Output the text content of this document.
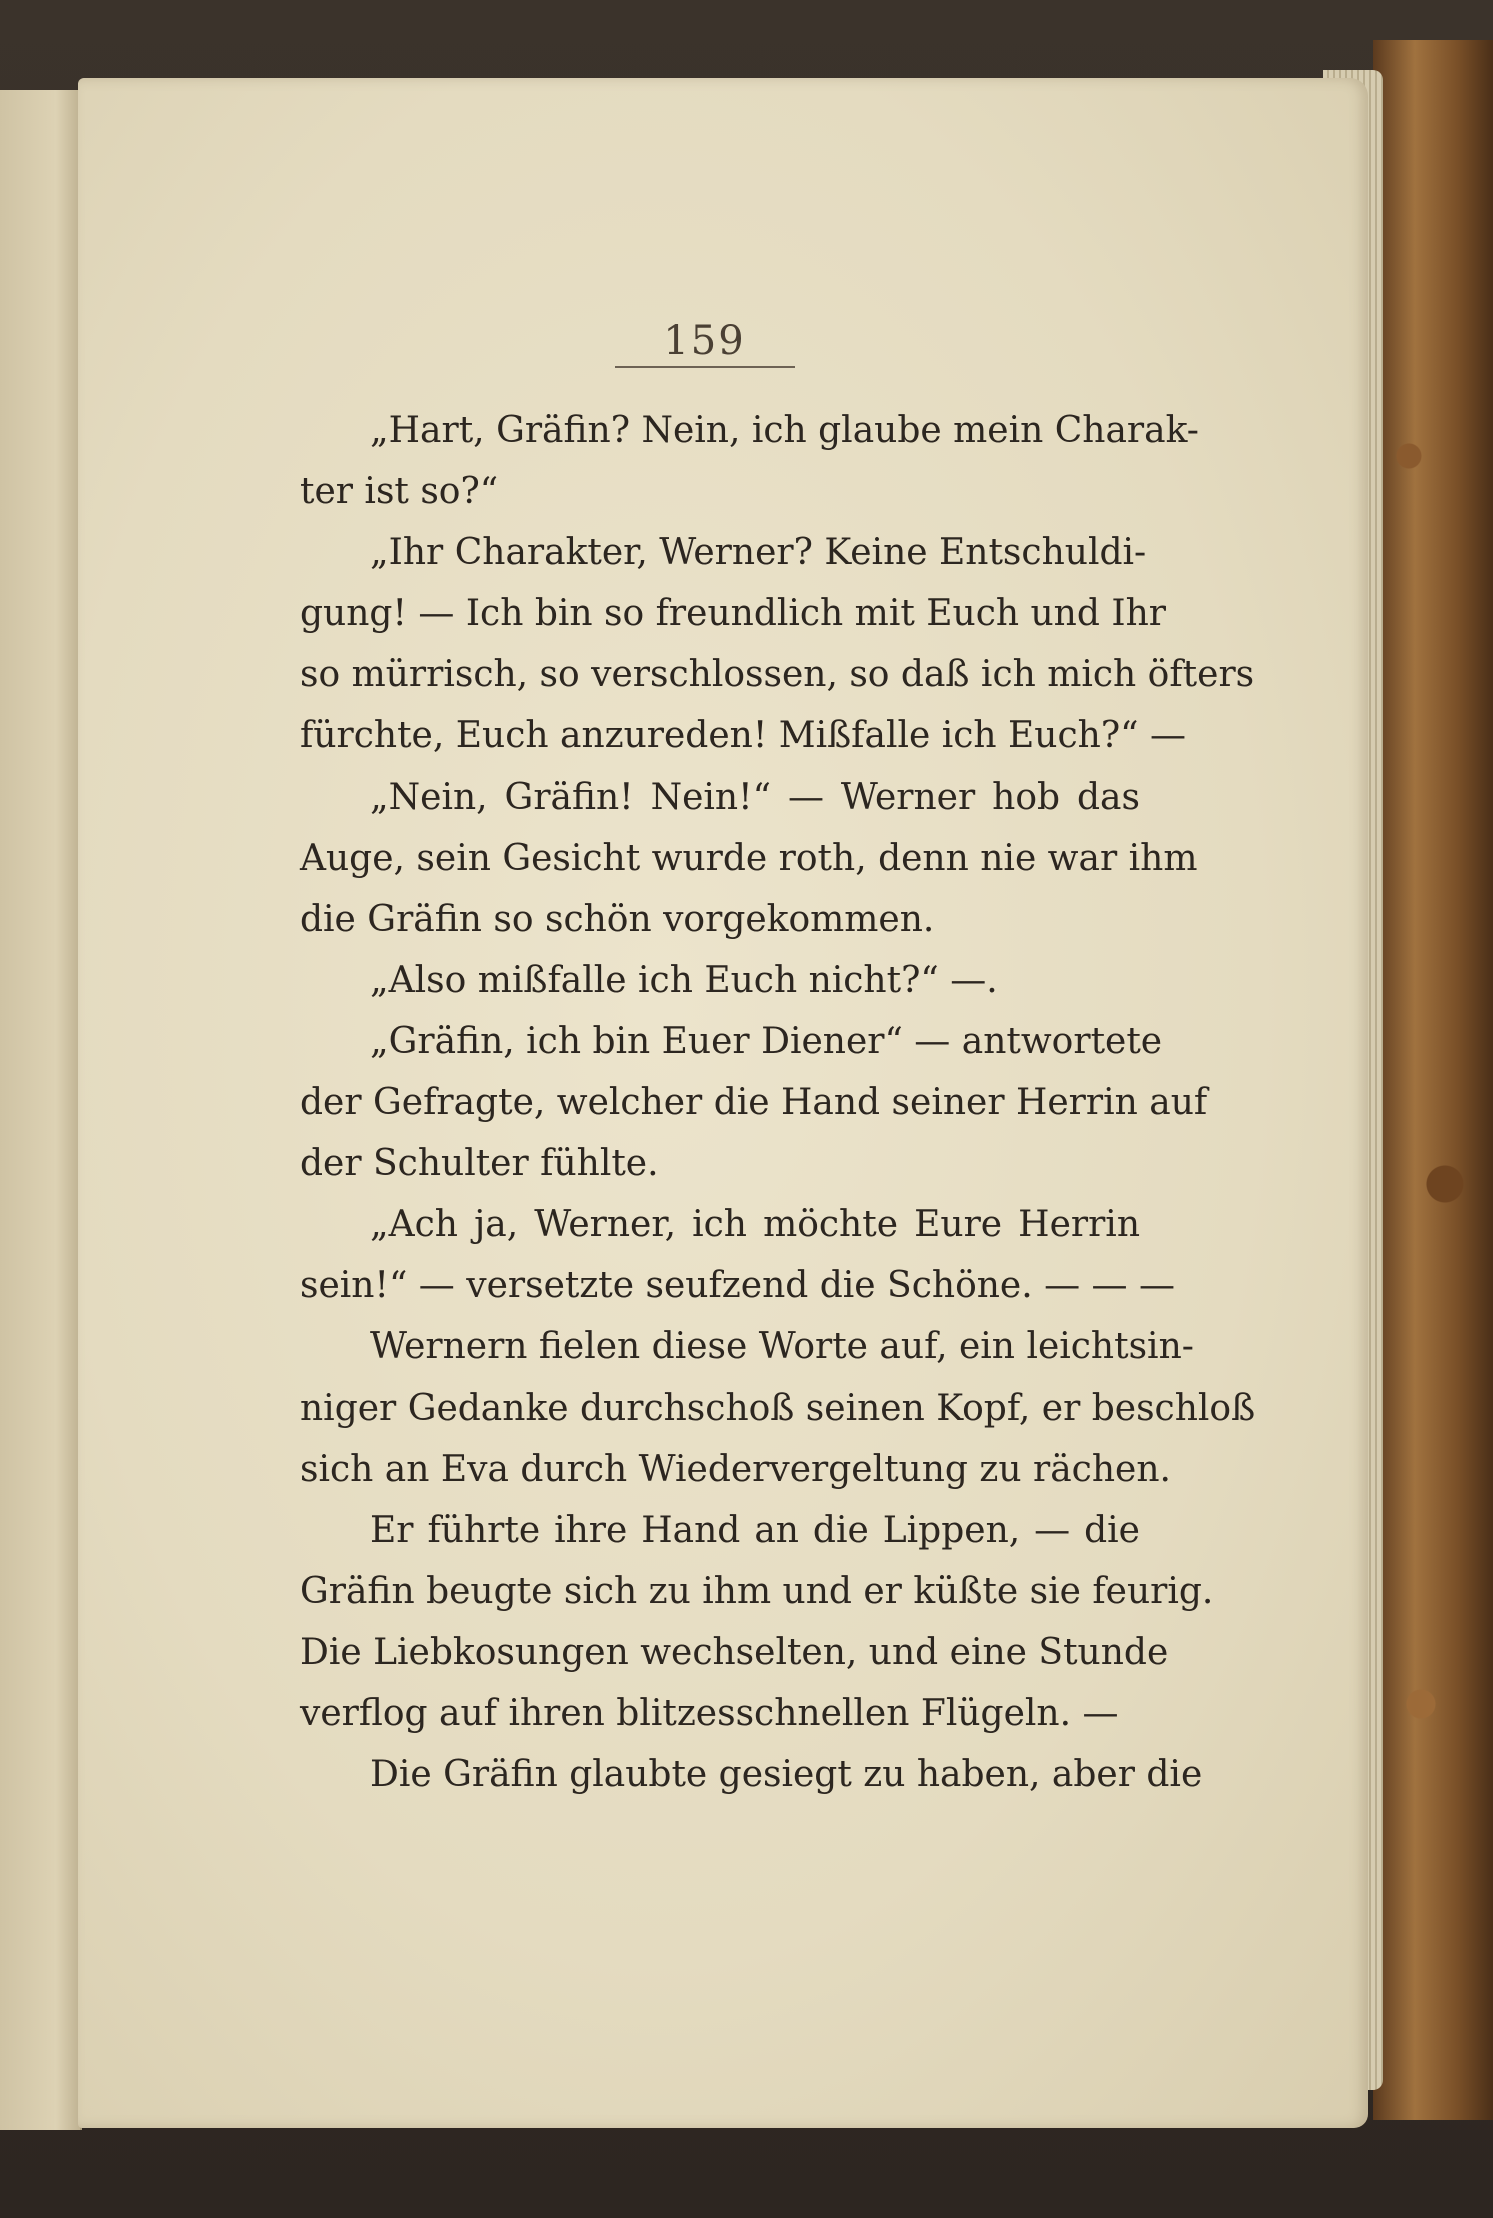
159
„Hart, Gräfin? Nein, ich glaube mein Charak-
ter ist so?“
„Ihr Charakter, Werner? Keine Entschuldi-
gung! — Ich bin so freundlich mit Euch und Ihr
so mürrisch, so verschlossen, so daß ich mich öfters
fürchte, Euch anzureden! Mißfalle ich Euch?“ —
„Nein, Gräfin! Nein!“ — Werner hob das
Auge, sein Gesicht wurde roth, denn nie war ihm
die Gräfin so schön vorgekommen.
„Also mißfalle ich Euch nicht?“ —.
„Gräfin, ich bin Euer Diener“ — antwortete
der Gefragte, welcher die Hand seiner Herrin auf
der Schulter fühlte.
„Ach ja, Werner, ich möchte Eure Herrin
sein!“ — versetzte seufzend die Schöne. — — —
Wernern fielen diese Worte auf, ein leichtsin-
niger Gedanke durchschoß seinen Kopf, er beschloß
sich an Eva durch Wiedervergeltung zu rächen.
Er führte ihre Hand an die Lippen, — die
Gräfin beugte sich zu ihm und er küßte sie feurig.
Die Liebkosungen wechselten, und eine Stunde
verflog auf ihren blitzesschnellen Flügeln. —
Die Gräfin glaubte gesiegt zu haben, aber die
